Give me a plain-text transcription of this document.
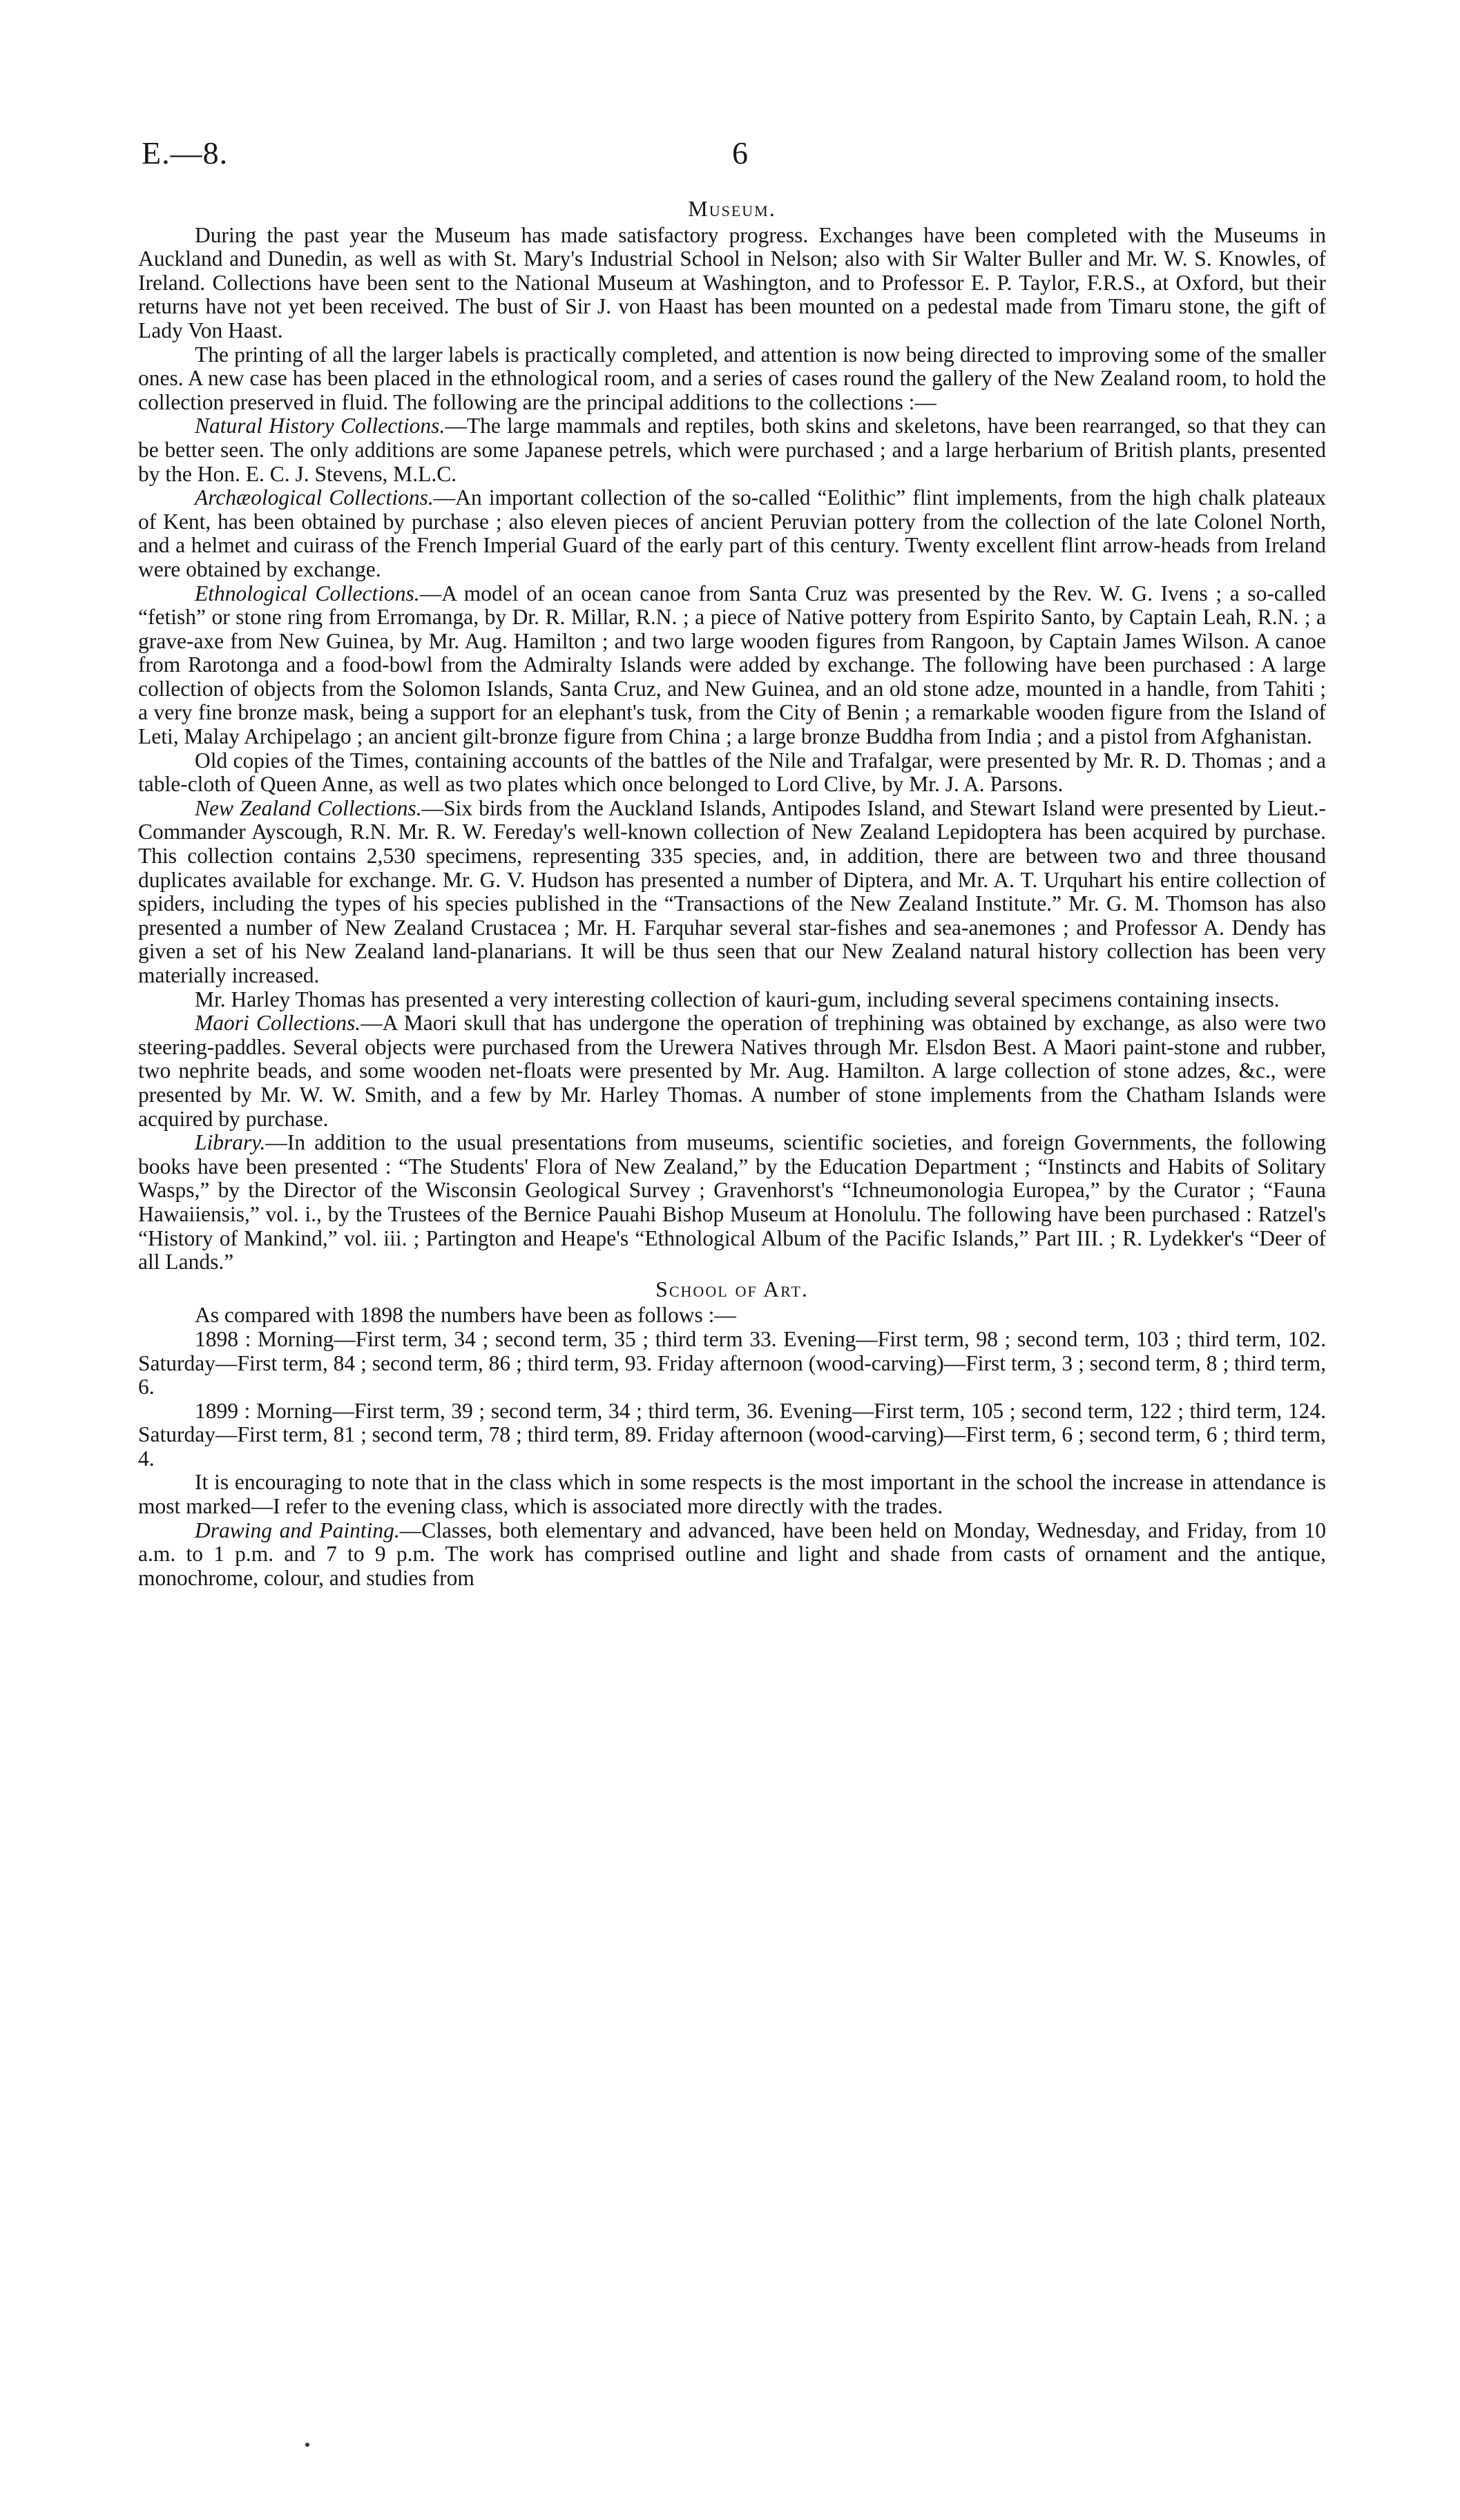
E.—8.	6
Museum.

During the past year the Museum has made satisfactory progress. Exchanges have been completed with the Museums in Auckland and Dunedin, as well as with St. Mary's Industrial School in Nelson; also with Sir Walter Buller and Mr. W. S. Knowles, of Ireland. Collections have been sent to the National Museum at Washington, and to Professor E. P. Taylor, F.R.S., at Oxford, but their returns have not yet been received. The bust of Sir J. von Haast has been mounted on a pedestal made from Timaru stone, the gift of Lady Von Haast.

The printing of all the larger labels is practically completed, and attention is now being directed to improving some of the smaller ones. A new case has been placed in the ethnological room, and a series of cases round the gallery of the New Zealand room, to hold the collection preserved in fluid. The following are the principal additions to the collections :—

Natural History Collections.—The large mammals and reptiles, both skins and skeletons, have been rearranged, so that they can be better seen. The only additions are some Japanese petrels, which were purchased ; and a large herbarium of British plants, presented by the Hon. E. C. J. Stevens, M.L.C.

Archæological Collections.—An important collection of the so-called “Eolithic” flint implements, from the high chalk plateaux of Kent, has been obtained by purchase ; also eleven pieces of ancient Peruvian pottery from the collection of the late Colonel North, and a helmet and cuirass of the French Imperial Guard of the early part of this century. Twenty excellent flint arrow-heads from Ireland were obtained by exchange.

Ethnological Collections.—A model of an ocean canoe from Santa Cruz was presented by the Rev. W. G. Ivens ; a so-called “fetish” or stone ring from Erromanga, by Dr. R. Millar, R.N. ; a piece of Native pottery from Espirito Santo, by Captain Leah, R.N. ; a grave-axe from New Guinea, by Mr. Aug. Hamilton ; and two large wooden figures from Rangoon, by Captain James Wilson. A canoe from Rarotonga and a food-bowl from the Admiralty Islands were added by exchange. The following have been purchased : A large collection of objects from the Solomon Islands, Santa Cruz, and New Guinea, and an old stone adze, mounted in a handle, from Tahiti ; a very fine bronze mask, being a support for an elephant's tusk, from the City of Benin ; a remarkable wooden figure from the Island of Leti, Malay Archipelago ; an ancient gilt-bronze figure from China ; a large bronze Buddha from India ; and a pistol from Afghanistan.

Old copies of the Times, containing accounts of the battles of the Nile and Trafalgar, were presented by Mr. R. D. Thomas ; and a table-cloth of Queen Anne, as well as two plates which once belonged to Lord Clive, by Mr. J. A. Parsons.

New Zealand Collections.—Six birds from the Auckland Islands, Antipodes Island, and Stewart Island were presented by Lieut.-Commander Ayscough, R.N. Mr. R. W. Fereday's well-known collection of New Zealand Lepidoptera has been acquired by purchase. This collection contains 2,530 specimens, representing 335 species, and, in addition, there are between two and three thousand duplicates available for exchange. Mr. G. V. Hudson has presented a number of Diptera, and Mr. A. T. Urquhart his entire collection of spiders, including the types of his species published in the “Transactions of the New Zealand Institute.” Mr. G. M. Thomson has also presented a number of New Zealand Crustacea ; Mr. H. Farquhar several star-fishes and sea-anemones ; and Professor A. Dendy has given a set of his New Zealand land-planarians. It will be thus seen that our New Zealand natural history collection has been very materially increased.

Mr. Harley Thomas has presented a very interesting collection of kauri-gum, including several specimens containing insects.

Maori Collections.—A Maori skull that has undergone the operation of trephining was obtained by exchange, as also were two steering-paddles. Several objects were purchased from the Urewera Natives through Mr. Elsdon Best. A Maori paint-stone and rubber, two nephrite beads, and some wooden net-floats were presented by Mr. Aug. Hamilton. A large collection of stone adzes, &c., were presented by Mr. W. W. Smith, and a few by Mr. Harley Thomas. A number of stone implements from the Chatham Islands were acquired by purchase.

Library.—In addition to the usual presentations from museums, scientific societies, and foreign Governments, the following books have been presented : “The Students' Flora of New Zealand,” by the Education Department ; “Instincts and Habits of Solitary Wasps,” by the Director of the Wisconsin Geological Survey ; Gravenhorst's “Ichneumonologia Europea,” by the Curator ; “Fauna Hawaiiensis,” vol. i., by the Trustees of the Bernice Pauahi Bishop Museum at Honolulu. The following have been purchased : Ratzel's “History of Mankind,” vol. iii. ; Partington and Heape's “Ethnological Album of the Pacific Islands,” Part III. ; R. Lydekker's “Deer of all Lands.”

School of Art.

As compared with 1898 the numbers have been as follows :—

1898 : Morning—First term, 34 ; second term, 35 ; third term 33. Evening—First term, 98 ; second term, 103 ; third term, 102. Saturday—First term, 84 ; second term, 86 ; third term, 93. Friday afternoon (wood-carving)—First term, 3 ; second term, 8 ; third term, 6.

1899 : Morning—First term, 39 ; second term, 34 ; third term, 36. Evening—First term, 105 ; second term, 122 ; third term, 124. Saturday—First term, 81 ; second term, 78 ; third term, 89. Friday afternoon (wood-carving)—First term, 6 ; second term, 6 ; third term, 4.

It is encouraging to note that in the class which in some respects is the most important in the school the increase in attendance is most marked—I refer to the evening class, which is associated more directly with the trades.

Drawing and Painting.—Classes, both elementary and advanced, have been held on Monday, Wednesday, and Friday, from 10 a.m. to 1 p.m. and 7 to 9 p.m. The work has comprised outline and light and shade from casts of ornament and the antique, monochrome, colour, and studies from
